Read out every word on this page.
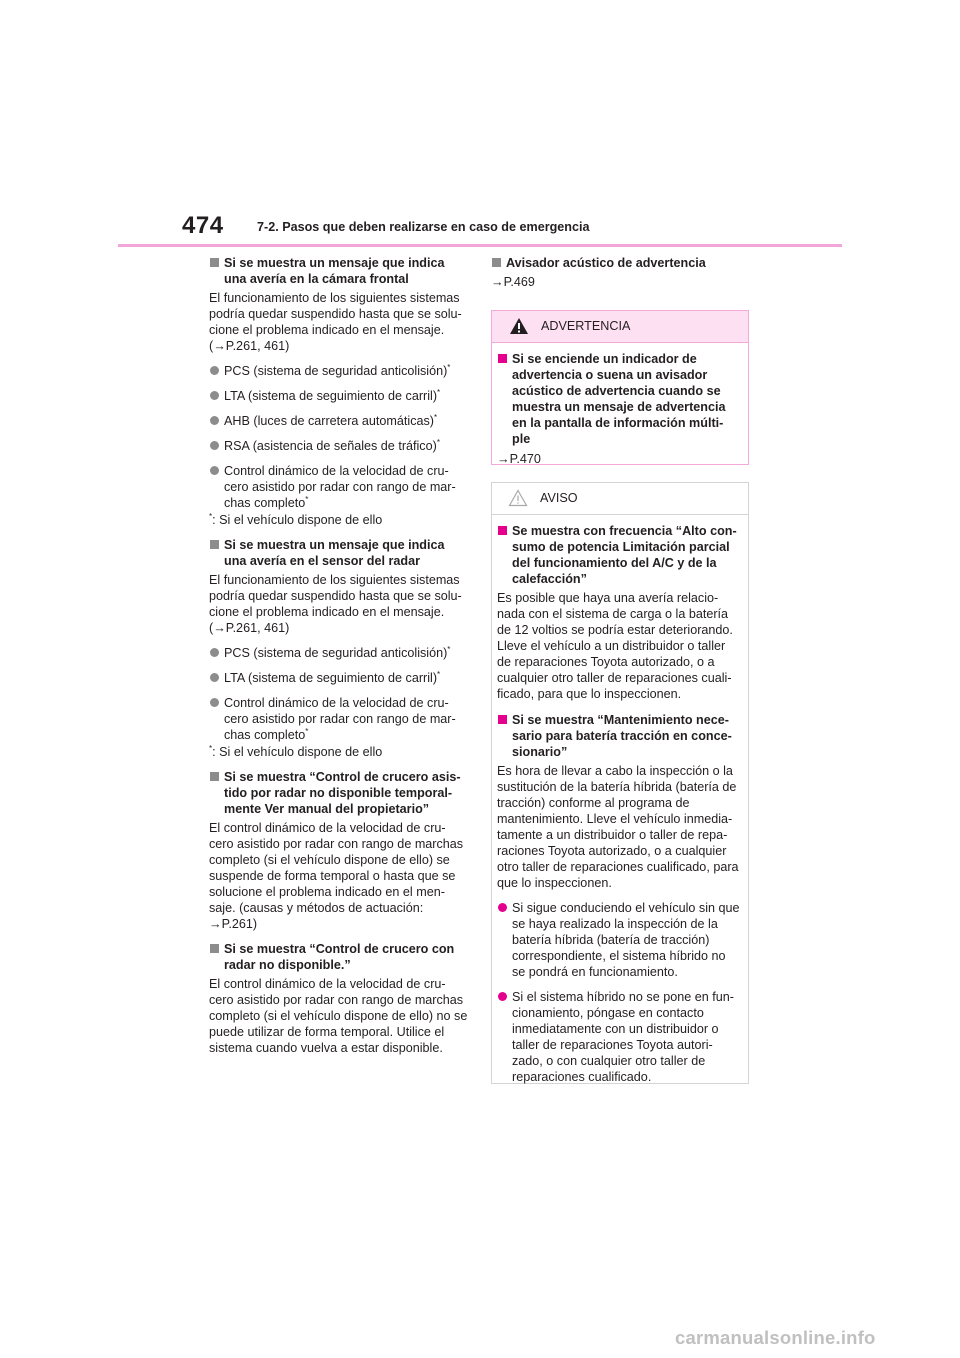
474	7-2. Pasos que deben realizarse en caso de emergencia
Si se muestra un mensaje que indica una avería en la cámara frontal

El funcionamiento de los siguientes sistemas podría quedar suspendido hasta que se solu- cione el problema indicado en el mensaje. (→P.261, 461)

PCS (sistema de seguridad anticolisión)*
LTA (sistema de seguimiento de carril)*
AHB (luces de carretera automáticas)*
RSA (asistencia de señales de tráfico)*
Control dinámico de la velocidad de cru- cero asistido por radar con rango de mar- chas completo*
*: Si el vehículo dispone de ello
Si se muestra un mensaje que indica una avería en el sensor del radar

El funcionamiento de los siguientes sistemas podría quedar suspendido hasta que se solu- cione el problema indicado en el mensaje. (→P.261, 461)

PCS (sistema de seguridad anticolisión)*
LTA (sistema de seguimiento de carril)*
Control dinámico de la velocidad de cru- cero asistido por radar con rango de mar- chas completo*
*: Si el vehículo dispone de ello
Si se muestra “Control de crucero asis- tido por radar no disponible temporal- mente Ver manual del propietario”

El control dinámico de la velocidad de cru- cero asistido por radar con rango de marchas completo (si el vehículo dispone de ello) se suspende de forma temporal o hasta que se solucione el problema indicado en el men- saje. (causas y métodos de actuación: →P.261)

Si se muestra “Control de crucero con radar no disponible.”

El control dinámico de la velocidad de cru- cero asistido por radar con rango de marchas completo (si el vehículo dispone de ello) no se puede utilizar de forma temporal. Utilice el sistema cuando vuelva a estar disponible.

Avisador acústico de advertencia
→P.469
ADVERTENCIA
Si se enciende un indicador de advertencia o suena un avisador acústico de advertencia cuando se muestra un mensaje de advertencia en la pantalla de información múlti- ple
→P.470
AVISO
Se muestra con frecuencia “Alto con- sumo de potencia Limitación parcial del funcionamiento del A/C y de la calefacción”

Es posible que haya una avería relacio- nada con el sistema de carga o la batería de 12 voltios se podría estar deteriorando. Lleve el vehículo a un distribuidor o taller de reparaciones Toyota autorizado, o a cualquier otro taller de reparaciones cuali- ficado, para que lo inspeccionen.

Si se muestra “Mantenimiento nece- sario para batería tracción en conce- sionario”

Es hora de llevar a cabo la inspección o la sustitución de la batería híbrida (batería de tracción) conforme al programa de mantenimiento. Lleve el vehículo inmedia- tamente a un distribuidor o taller de repa- raciones Toyota autorizado, o a cualquier otro taller de reparaciones cualificado, para que lo inspeccionen.

Si sigue conduciendo el vehículo sin que se haya realizado la inspección de la batería híbrida (batería de tracción) correspondiente, el sistema híbrido no se pondrá en funcionamiento.
Si el sistema híbrido no se pone en fun- cionamiento, póngase en contacto inmediatamente con un distribuidor o taller de reparaciones Toyota autori- zado, o con cualquier otro taller de reparaciones cualificado.
carmanualsonline.info
